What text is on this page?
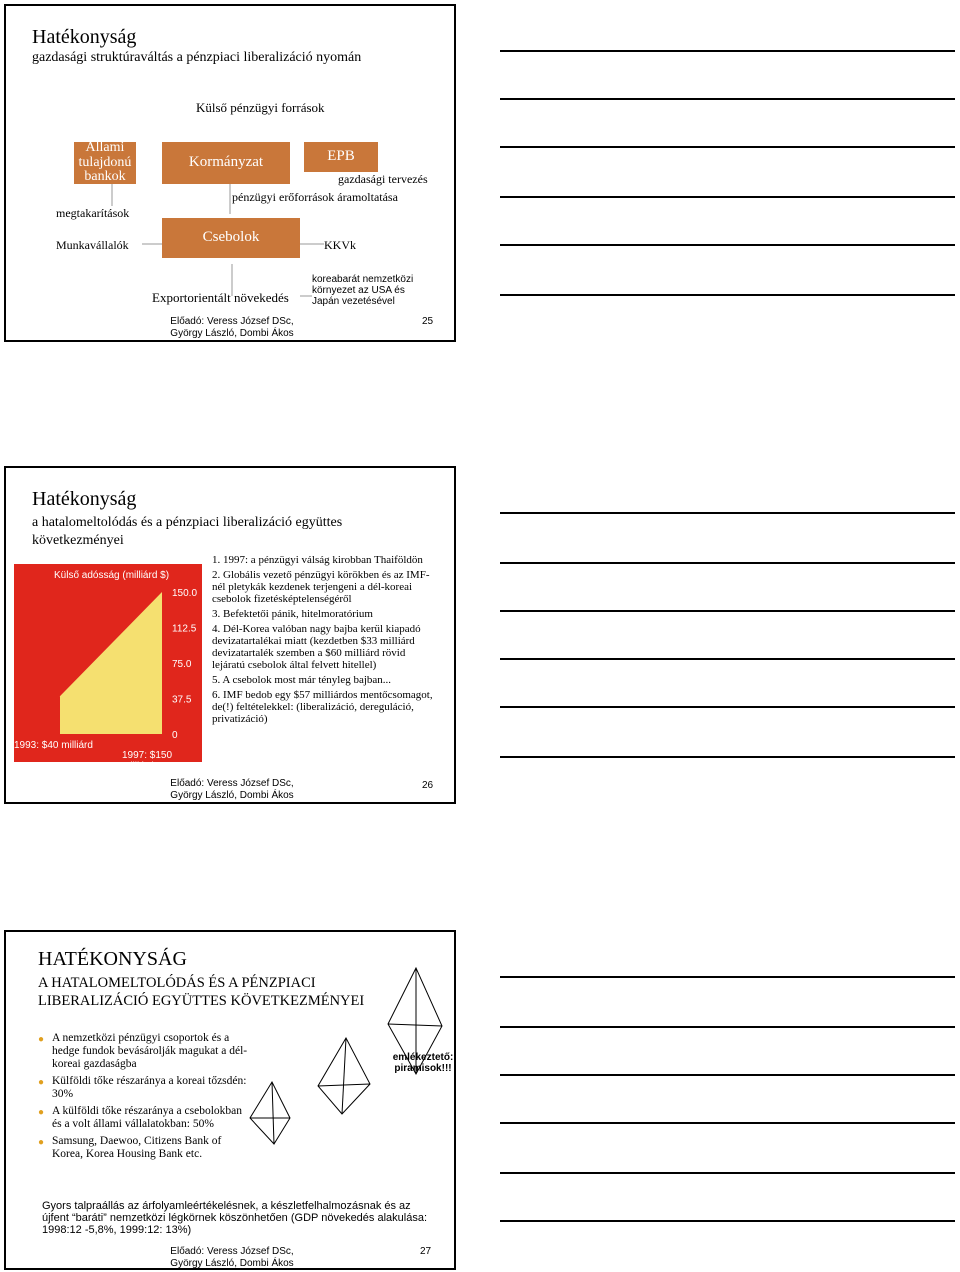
Hatékonyság
gazdasági struktúraváltás a pénzpiaci liberalizáció nyomán
Külső pénzügyi források
Állami tulajdonú bankok
Kormányzat	EPB
gazdasági tervezés
pénzügyi erőforrások áramoltatása
megtakarítások
Munkavállalók	Csebolok	KKVk
Exportorientált növekedés
koreabarát nemzetközi környezet az USA és Japán vezetésével
Előadó: Veress József DSc,
György László, Dombi Ákos
25
Hatékonyság
a hatalomeltolódás és a pénzpiaci liberalizáció együttes következményei
150.0
112.5
75.0
37.5
0
Külső adósság (milliárd $)
1993: $40 milliárd
1997: $150 milliárd
1. 1997: a pénzügyi válság kirobban Thaiföldön
2. Globális vezető pénzügyi körökben és az IMF-nél pletykák kezdenek terjengeni a dél-koreai csebolok fizetésképtelenségéről
3. Befektetői pánik, hitelmoratórium
4. Dél-Korea valóban nagy bajba kerül kiapadó devizatartalékai miatt (kezdetben $33 milliárd devizatartalék szemben a $60 milliárd rövid lejáratú csebolok által felvett hitellel)
5. A csebolok most már tényleg bajban...
6. IMF bedob egy $57 milliárdos mentőcsomagot, de(!) feltételekkel: (liberalizáció, dereguláció, privatizáció)
Előadó: Veress József DSc,
György László, Dombi Ákos
26
HATÉKONYSÁG
A HATALOMELTOLÓDÁS ÉS A PÉNZPIACI LIBERALIZÁCIÓ EGYÜTTES KÖVETKEZMÉNYEI
● A nemzetközi pénzügyi csoportok és a hedge fundok bevásárolják magukat a dél-koreai gazdaságba
● Külföldi tőke részaránya a koreai tőzsdén: 30%
● A külföldi tőke részaránya a csebolokban és a volt állami vállalatokban: 50%
● Samsung, Daewoo, Citizens Bank of Korea, Korea Housing Bank etc.
emlékeztető: piramisok!!!
Gyors talpraállás az árfolyamleértékelésnek, a készletfelhalmozásnak és az újfent “baráti” nemzetközi légkörnek köszönhetően (GDP növekedés alakulása: 1998:12 -5,8%, 1999:12: 13%)
Előadó: Veress József DSc,
György László, Dombi Ákos
27
